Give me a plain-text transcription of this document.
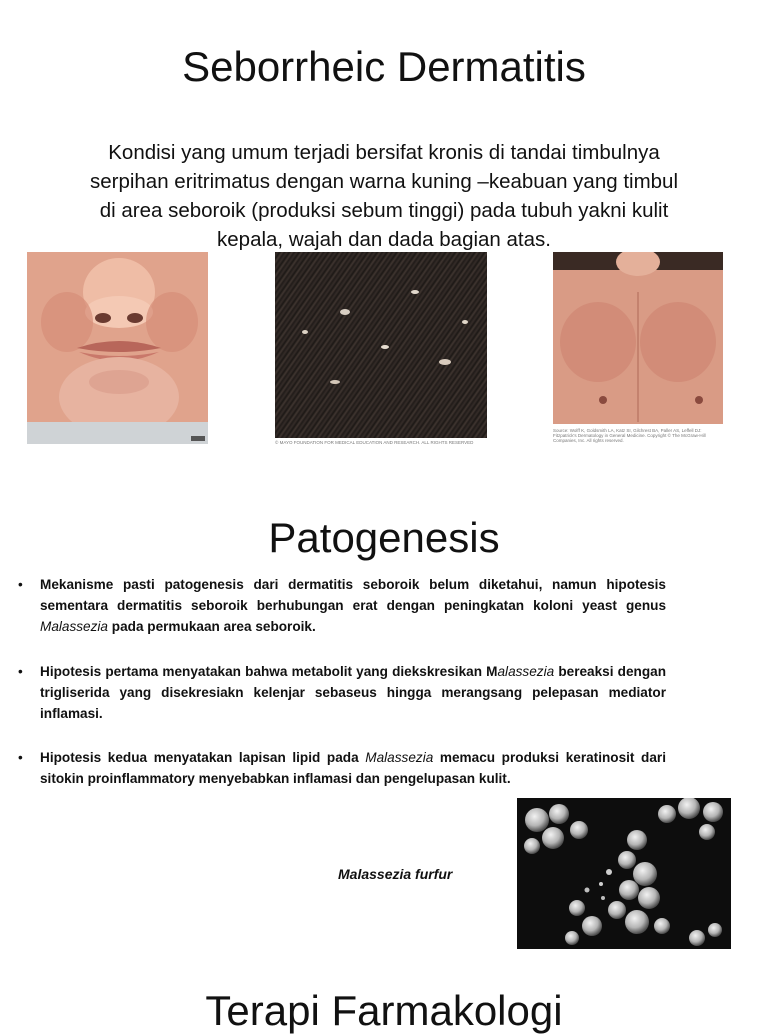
Seborrheic Dermatitis

Kondisi yang umum terjadi bersifat kronis di tandai timbulnya
serpihan eritrimatus dengan warna kuning –keabuan yang timbul
di area seboroik (produksi sebum tinggi) pada tubuh yakni kulit
kepala, wajah dan dada bagian atas.

© MAYO FOUNDATION FOR MEDICAL EDUCATION AND RESEARCH. ALL RIGHTS RESERVED

Source: Wolff K, Goldsmith LA, Katz SI, Gilchrest BA, Paller AS, Leffell DJ: Fitzpatrick's Dermatology in General Medicine. Copyright © The McGraw-Hill Companies, Inc. All rights reserved.

Patogenesis
• Mekanisme pasti patogenesis dari dermatitis seboroik belum diketahui, namun hipotesis sementara dermatitis seboroik berhubungan erat dengan peningkatan koloni yeast genus Malassezia pada permukaan area seboroik.
• Hipotesis pertama menyatakan bahwa metabolit yang diekskresikan Malassezia bereaksi dengan trigliserida yang disekresiakn kelenjar sebaseus hingga merangsang pelepasan mediator inflamasi.
• Hipotesis kedua menyatakan lapisan lipid pada Malassezia memacu produksi keratinosit dari sitokin proinflammatory menyebabkan inflamasi dan pengelupasan kulit.
Malassezia furfur
Terapi Farmakologi
